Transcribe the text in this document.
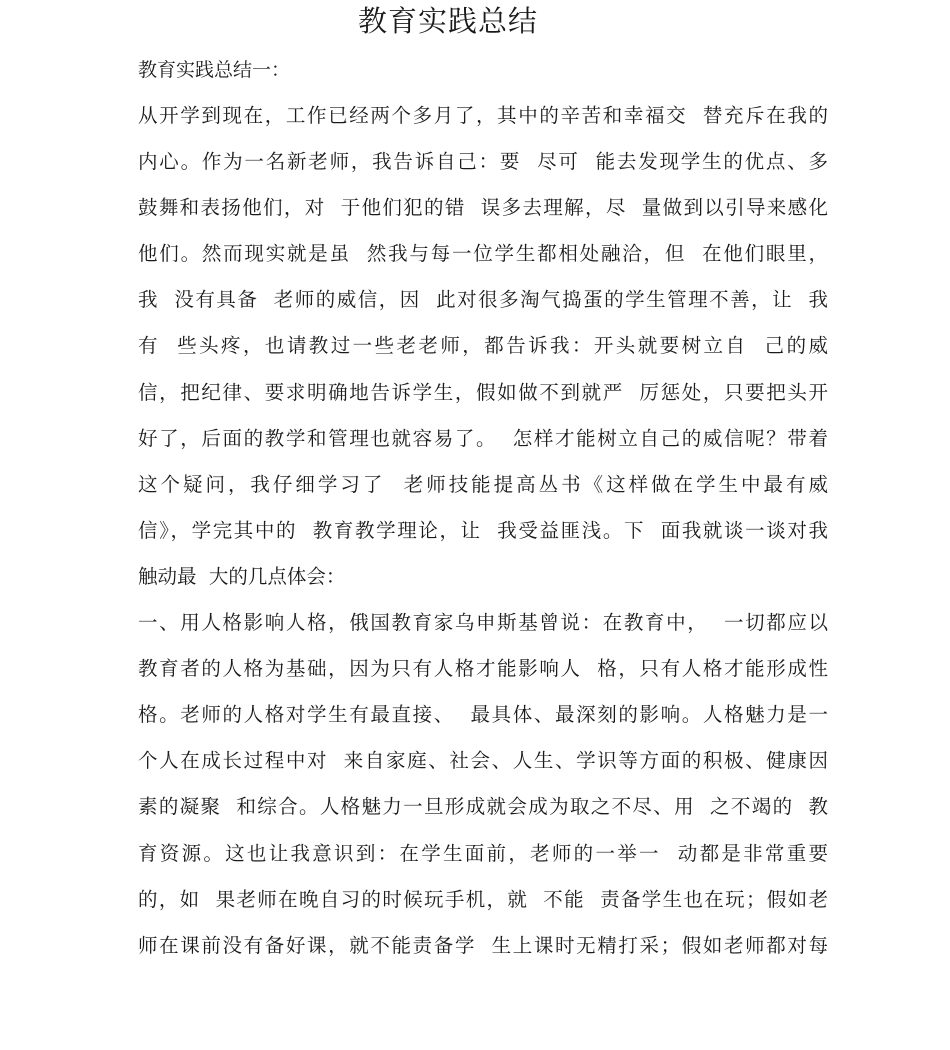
教育实践总结

教育实践总结一：

从开学到现在，工作已经两个多月了，其中的辛苦和幸福交  替充斥在我的
内心。作为一名新老师，我告诉自己：要  尽可  能去发现学生的优点、多
鼓舞和表扬他们，对  于他们犯的错  误多去理解，尽  量做到以引导来感化
他们。然而现实就是虽  然我与每一位学生都相处融洽，但  在他们眼里，
我  没有具备  老师的威信，因  此对很多淘气捣蛋的学生管理不善，让  我
有  些头疼，也请教过一些老老师，都告诉我：开头就要树立自  己的威
信，把纪律、要求明确地告诉学生，假如做不到就严  厉惩处，只要把头开
好了，后面的教学和管理也就容易了。  怎样才能树立自己的威信呢？带着
这个疑问，我仔细学习了  老师技能提高丛书《这样做在学生中最有威
信》，学完其中的  教育教学理论，让  我受益匪浅。下  面我就谈一谈对我
触动最  大的几点体会：
一、用人格影响人格，俄国教育家乌申斯基曾说：在教育中，  一切都应以
教育者的人格为基础，因为只有人格才能影响人  格，只有人格才能形成性
格。老师的人格对学生有最直接、  最具体、最深刻的影响。人格魅力是一
个人在成长过程中对  来自家庭、社会、人生、学识等方面的积极、健康因
素的凝聚  和综合。人格魅力一旦形成就会成为取之不尽、用  之不竭的  教
育资源。这也让我意识到：在学生面前，老师的一举一  动都是非常重要
的，如  果老师在晚自习的时候玩手机，就  不能  责备学生也在玩；假如老
师在课前没有备好课，就不能责备学  生上课时无精打采；假如老师都对每
